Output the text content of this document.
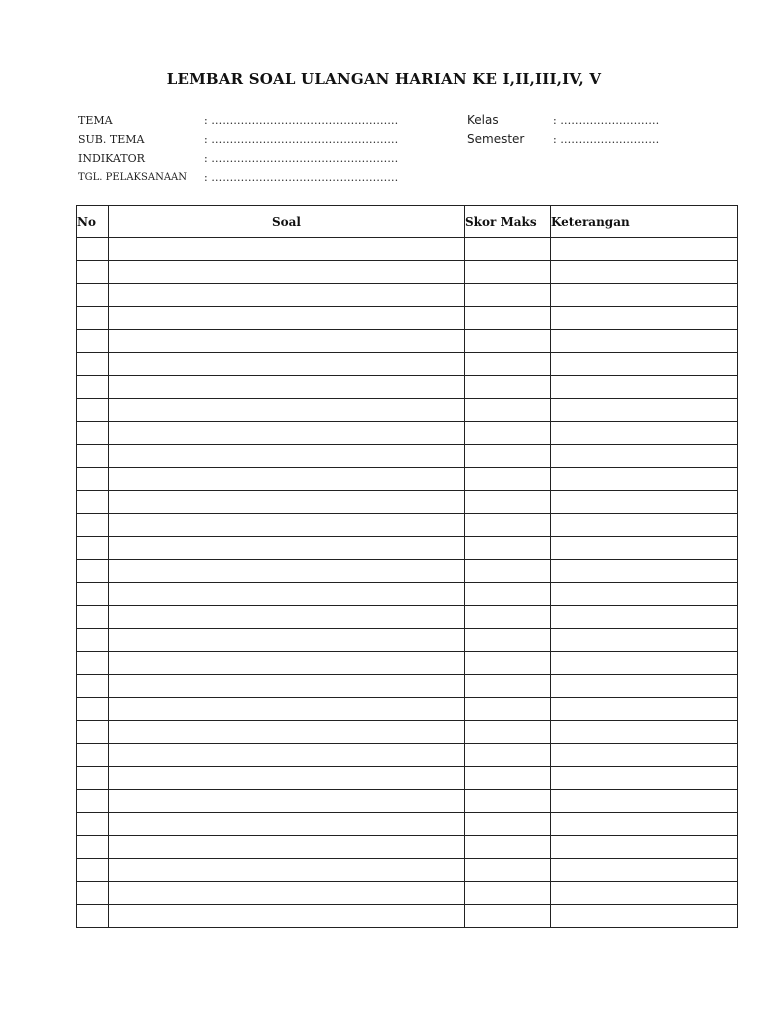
LEMBAR SOAL ULANGAN HARIAN KE I,II,III,IV, V
TEMA	: ……………………………………………
SUB. TEMA	: ……………………………………………
INDIKATOR	: ……………………………………………
TGL. PELAKSANAAN : ……………………………………………
Kelas	: ………………………
Semester	: ………………………
No	Soal	Skor Maks	Keterangan
